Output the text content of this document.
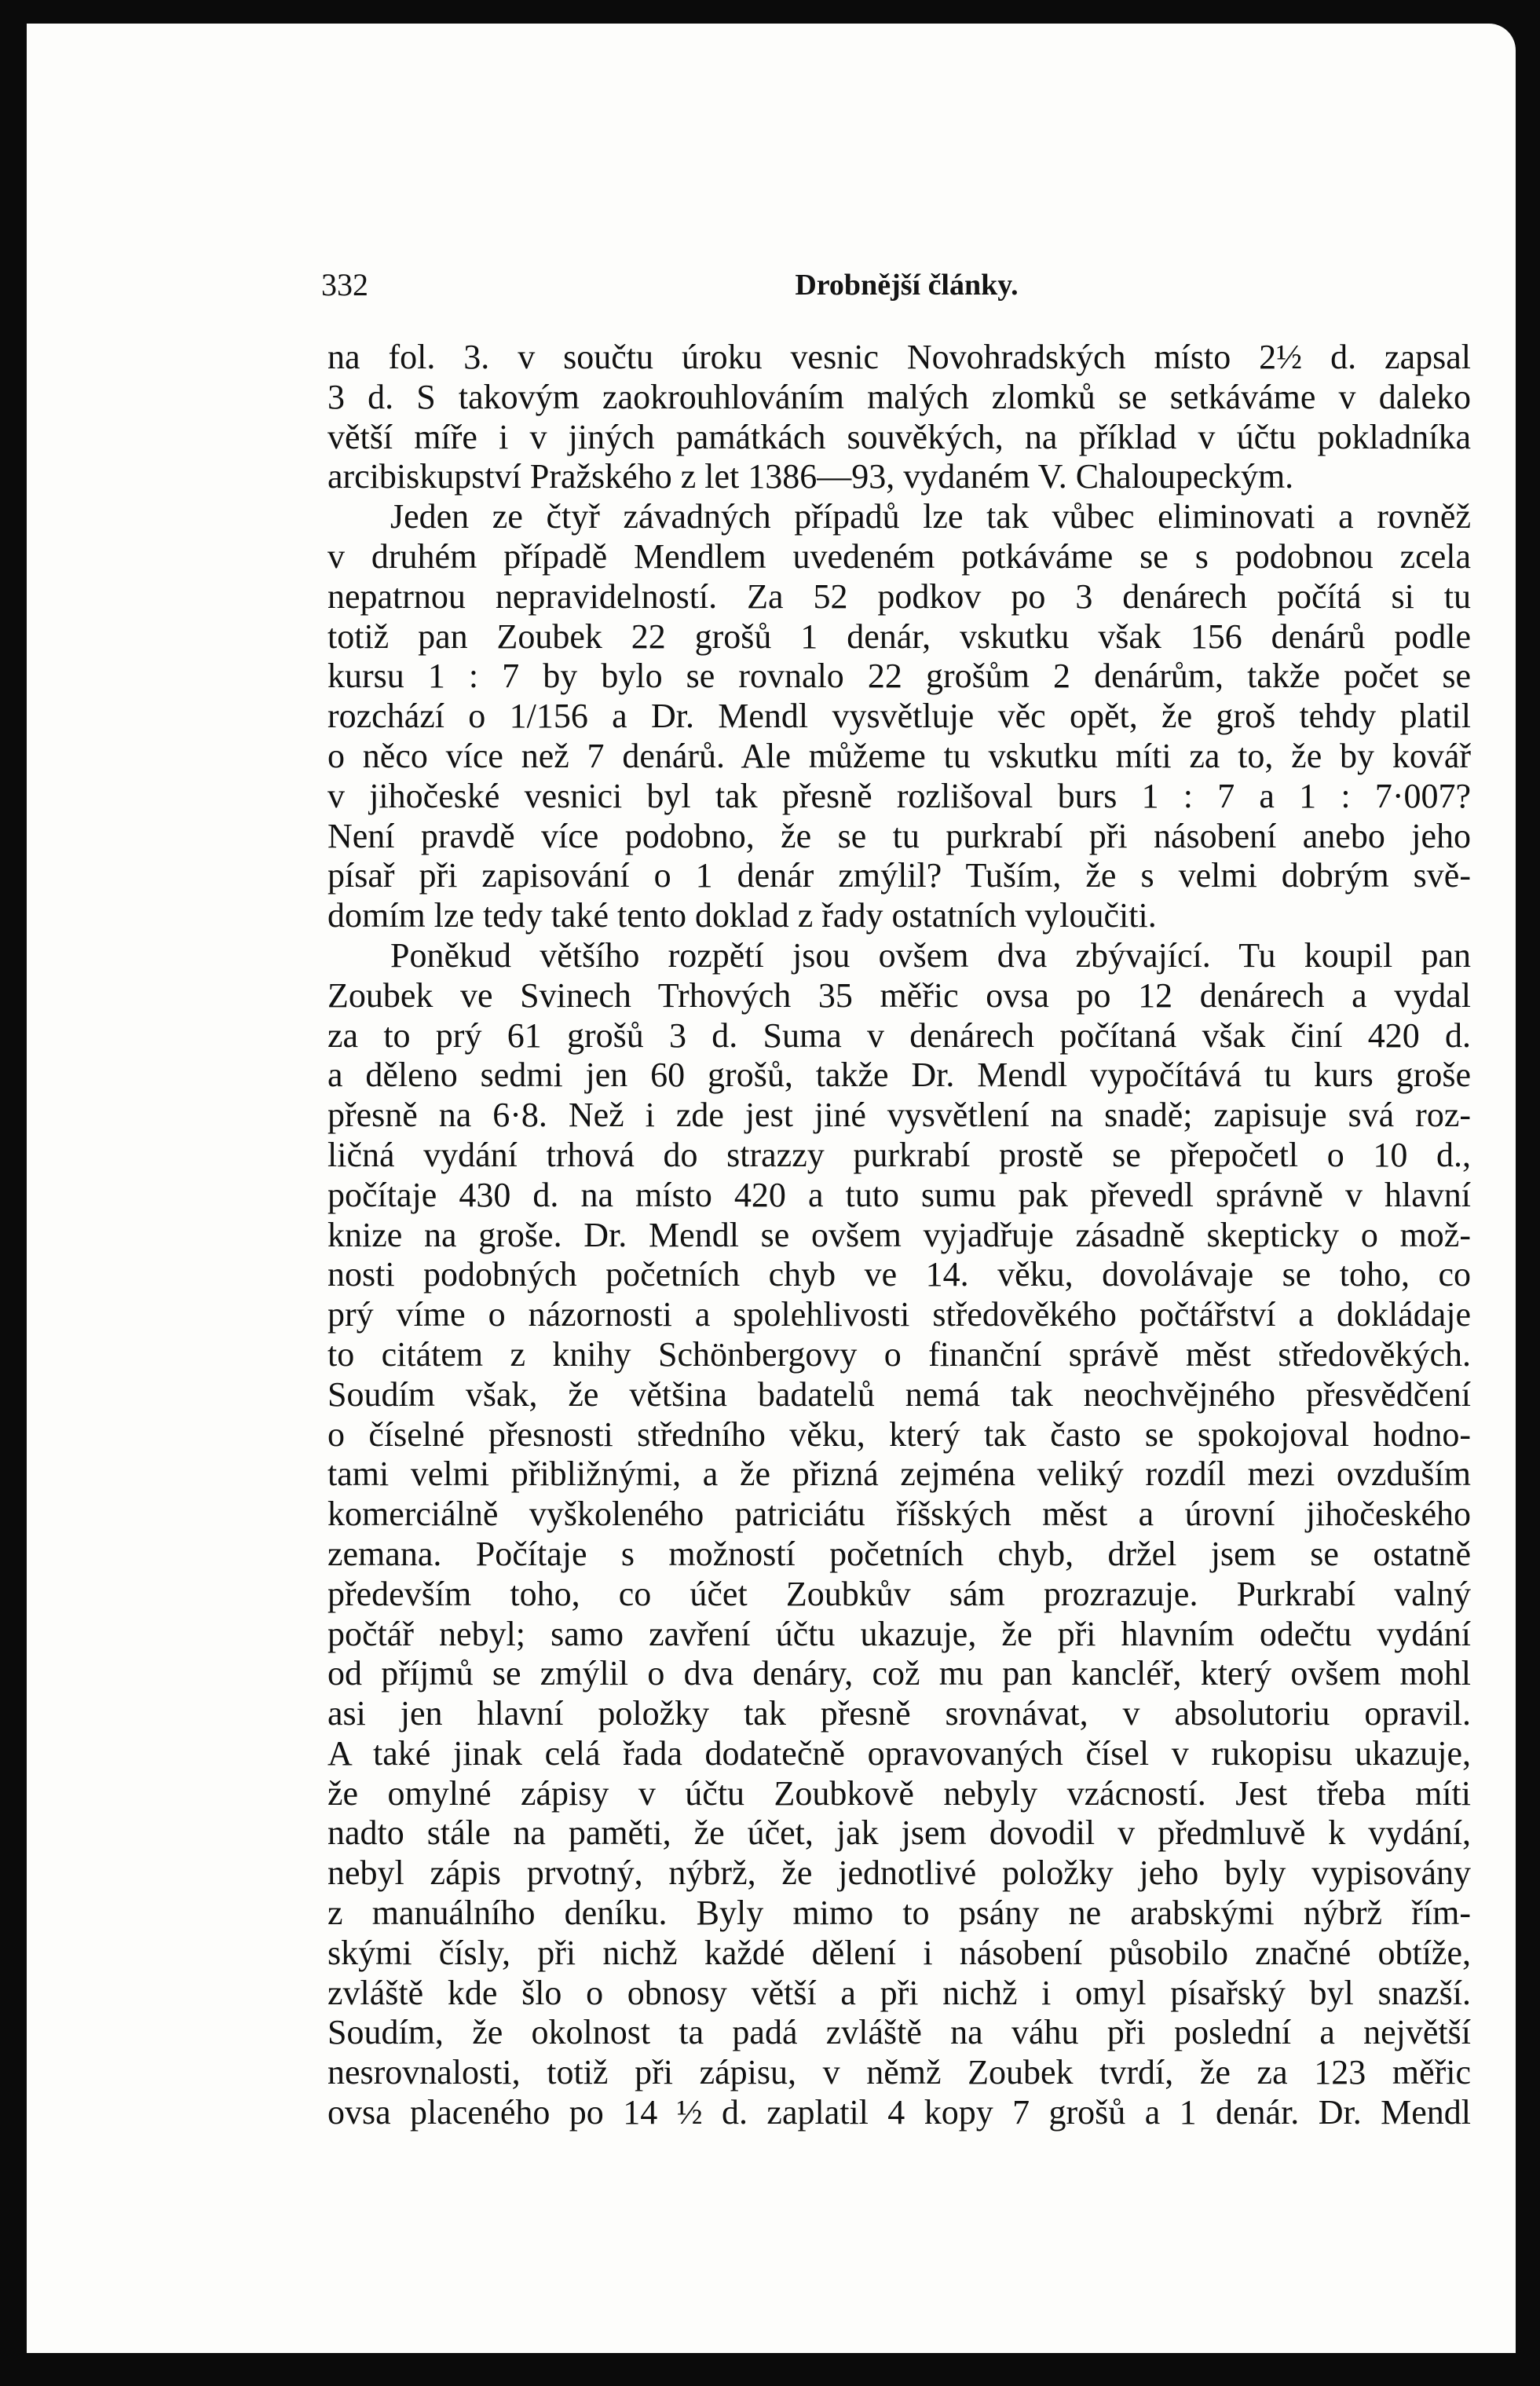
332	Drobnější články.
na fol. 3. v součtu úroku vesnic Novohradských místo 2½ d. zapsal
3 d. S takovým zaokrouhlováním malých zlomků se setkáváme v daleko
větší míře i v jiných památkách souvěkých, na příklad v účtu pokladníka
arcibiskupství Pražského z let 1386—93, vydaném V. Chaloupeckým.
Jeden ze čtyř závadných případů lze tak vůbec eliminovati a rovněž
v druhém případě Mendlem uvedeném potkáváme se s podobnou zcela
nepatrnou nepravidelností. Za 52 podkov po 3 denárech počítá si tu
totiž pan Zoubek 22 grošů 1 denár, vskutku však 156 denárů podle
kursu 1 : 7 by bylo se rovnalo 22 grošům 2 denárům, takže počet se
rozchází o 1/156 a Dr. Mendl vysvětluje věc opět, že groš tehdy platil
o něco více než 7 denárů. Ale můžeme tu vskutku míti za to, že by kovář
v jihočeské vesnici byl tak přesně rozlišoval burs 1 : 7 a 1 : 7·007?
Není pravdě více podobno, že se tu purkrabí při násobení anebo jeho
písař při zapisování o 1 denár zmýlil? Tuším, že s velmi dobrým svě-
domím lze tedy také tento doklad z řady ostatních vyloučiti.
Poněkud většího rozpětí jsou ovšem dva zbývající. Tu koupil pan
Zoubek ve Svinech Trhových 35 měřic ovsa po 12 denárech a vydal
za to prý 61 grošů 3 d. Suma v denárech počítaná však činí 420 d.
a děleno sedmi jen 60 grošů, takže Dr. Mendl vypočítává tu kurs groše
přesně na 6·8. Než i zde jest jiné vysvětlení na snadě; zapisuje svá roz-
ličná vydání trhová do strazzy purkrabí prostě se přepočetl o 10 d.,
počítaje 430 d. na místo 420 a tuto sumu pak převedl správně v hlavní
knize na groše. Dr. Mendl se ovšem vyjadřuje zásadně skepticky o mož-
nosti podobných početních chyb ve 14. věku, dovolávaje se toho, co
prý víme o názornosti a spolehlivosti středověkého počtářství a dokládaje
to citátem z knihy Schönbergovy o finanční správě měst středověkých.
Soudím však, že většina badatelů nemá tak neochvějného přesvědčení
o číselné přesnosti středního věku, který tak často se spokojoval hodno-
tami velmi přibližnými, a že přizná zejména veliký rozdíl mezi ovzduším
komerciálně vyškoleného patriciátu říšských měst a úrovní jihočeského
zemana. Počítaje s možností početních chyb, držel jsem se ostatně
především toho, co účet Zoubkův sám prozrazuje. Purkrabí valný
počtář nebyl; samo zavření účtu ukazuje, že při hlavním odečtu vydání
od příjmů se zmýlil o dva denáry, což mu pan kancléř, který ovšem mohl
asi jen hlavní položky tak přesně srovnávat, v absolutoriu opravil.
A také jinak celá řada dodatečně opravovaných čísel v rukopisu ukazuje,
že omylné zápisy v účtu Zoubkově nebyly vzácností. Jest třeba míti
nadto stále na paměti, že účet, jak jsem dovodil v předmluvě k vydání,
nebyl zápis prvotný, nýbrž, že jednotlivé položky jeho byly vypisovány
z manuálního deníku. Byly mimo to psány ne arabskými nýbrž řím-
skými čísly, při nichž každé dělení i násobení působilo značné obtíže,
zvláště kde šlo o obnosy větší a při nichž i omyl písařský byl snazší.
Soudím, že okolnost ta padá zvláště na váhu při poslední a největší
nesrovnalosti, totiž při zápisu, v němž Zoubek tvrdí, že za 123 měřic
ovsa placeného po 14 ½ d. zaplatil 4 kopy 7 grošů a 1 denár. Dr. Mendl
